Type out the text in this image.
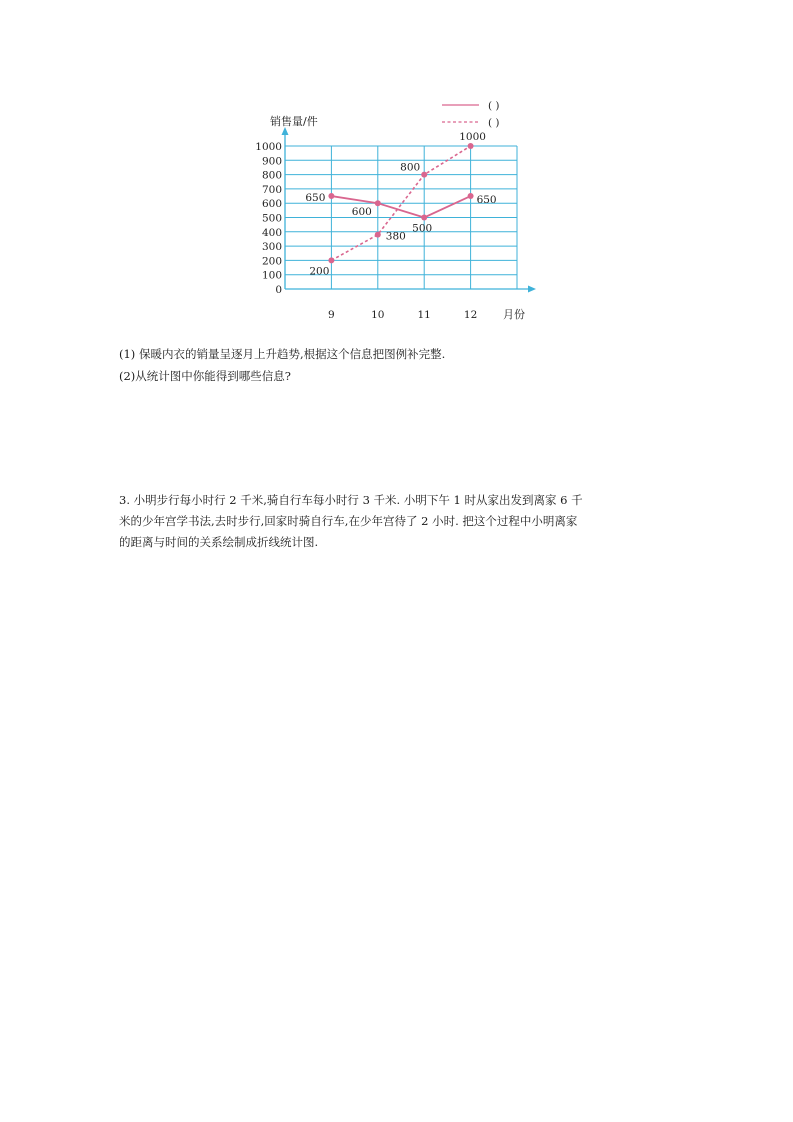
0
100
200
300
400
500
600
700
800
900
1000
9	10	11	12
650
600
500
650
200
380
800
1000
( )
( )
销售量/件
月份

(1) 保暖内衣的销量呈逐月上升趋势,根据这个信息把图例补完整.

(2)从统计图中你能得到哪些信息?

3. 小明步行每小时行 2 千米,骑自行车每小时行 3 千米. 小明下午 1 时从家出发到离家 6 千
米的少年宫学书法,去时步行,回家时骑自行车,在少年宫待了 2 小时. 把这个过程中小明离家
的距离与时间的关系绘制成折线统计图.
